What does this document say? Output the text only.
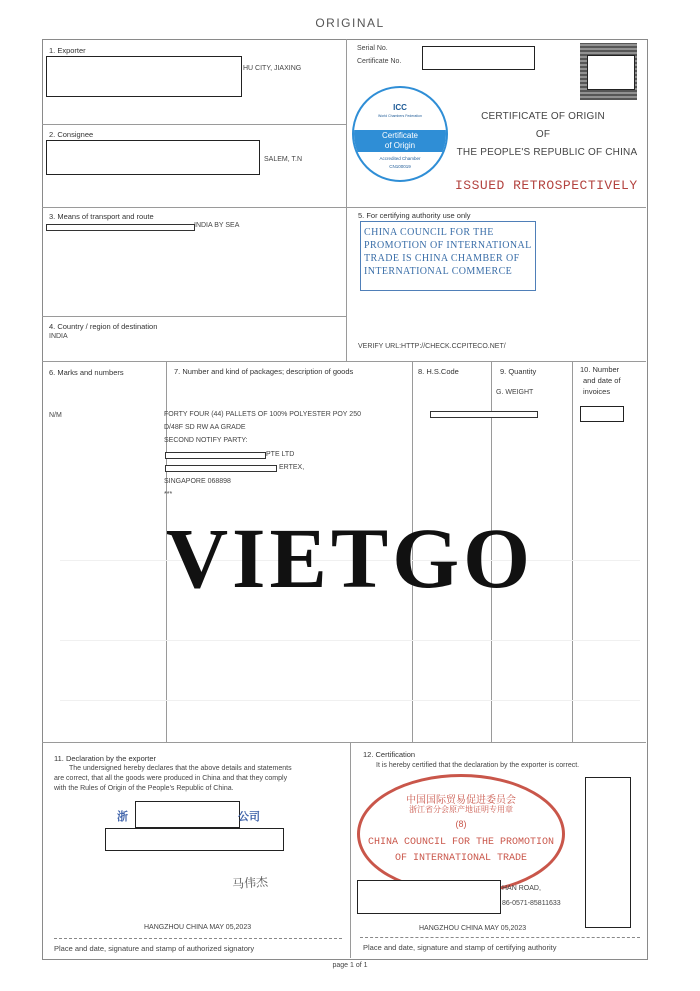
ORIGINAL
1. Exporter
HU CITY, JIAXING
2. Consignee
SALEM, T.N
3. Means of transport and route
INDIA BY SEA
4. Country / region of destination
INDIA
Serial No.
Certificate No.
ICC
World Chambers Federation
Certificate
of Origin
Accredited Chamber
CN100019
CERTIFICATE OF ORIGIN
OF
THE PEOPLE'S REPUBLIC OF CHINA
ISSUED RETROSPECTIVELY
5. For certifying authority use only
CHINA COUNCIL FOR THE
PROMOTION OF INTERNATIONAL
TRADE IS CHINA CHAMBER OF
INTERNATIONAL COMMERCE
VERIFY URL:HTTP://CHECK.CCPITECO.NET/
6. Marks and numbers	7. Number and kind of packages; description of goods	8. H.S.Code	9. Quantity	10. Number
and date of
invoices
N/M	FORTY FOUR (44) PALLETS OF 100% POLYESTER POY 250
D/48F SD RW AA GRADE
SECOND NOTIFY PARTY:
PTE LTD
ERTEX,
SINGAPORE 068898
***
G. WEIGHT
VIETGO
11. Declaration by the exporter
The undersigned hereby declares that the above details and statements
are correct, that all the goods were produced in China and that they comply
with the Rules of Origin of the People's Republic of China.
浙	公司
马伟杰
HANGZHOU CHINA MAY 05,2023
Place and date, signature and stamp of authorized signatory
12. Certification
It is hereby certified that the declaration by the exporter is correct.
中国国际贸易促进委员会
浙江省分会原产地证明专用章
(8)
CHINA COUNCIL FOR THE PROMOTION
OF INTERNATIONAL TRADE
HAN ROAD,
86-0571-85811633
HANGZHOU CHINA MAY 05,2023
Place and date, signature and stamp of certifying authority
page 1 of 1
